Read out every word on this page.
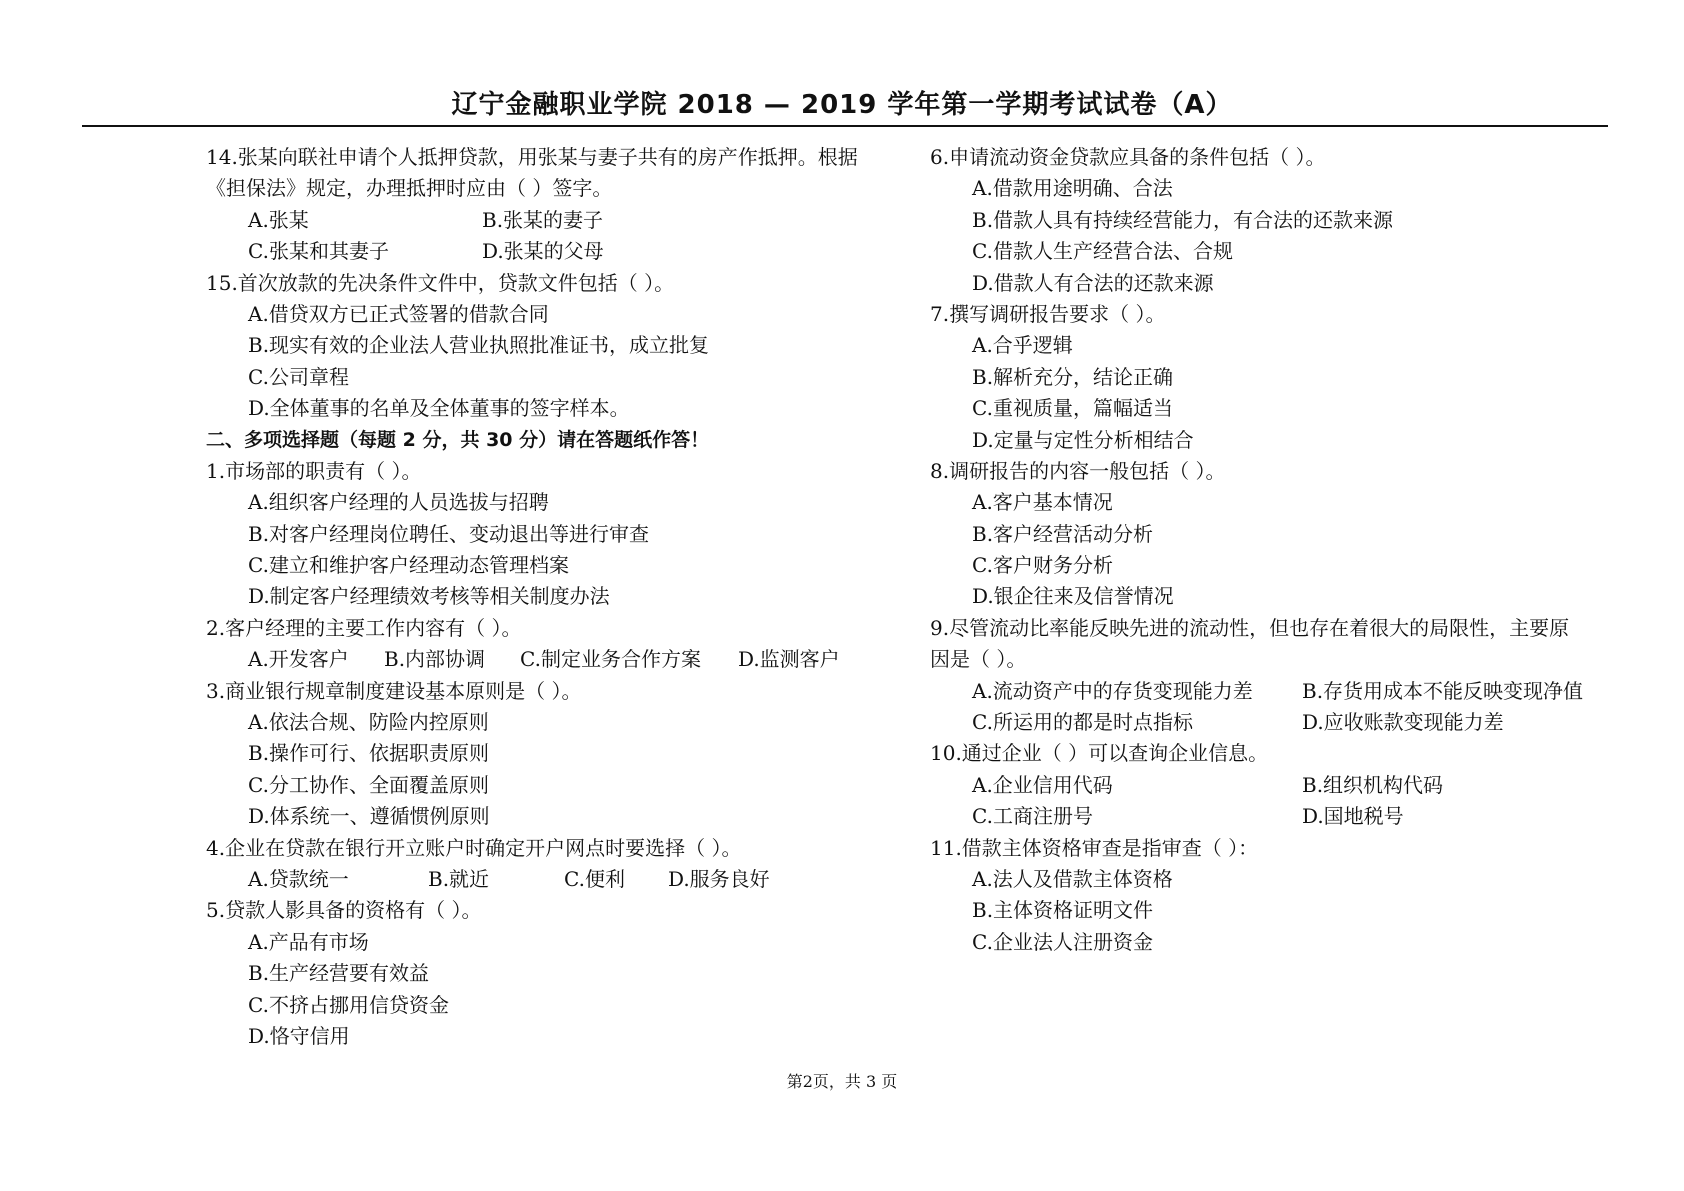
辽宁金融职业学院 2018 — 2019 学年第一学期考试试卷（A）
14.张某向联社申请个人抵押贷款，用张某与妻子共有的房产作抵押。根据
《担保法》规定，办理抵押时应由（ ）签字。
A.张某	B.张某的妻子
C.张某和其妻子	D.张某的父母
15.首次放款的先决条件文件中，贷款文件包括（ ）。
A.借贷双方已正式签署的借款合同
B.现实有效的企业法人营业执照批准证书，成立批复
C.公司章程
D.全体董事的名单及全体董事的签字样本。
二、多项选择题（每题 2 分，共 30 分）请在答题纸作答！
1.市场部的职责有（ ）。
A.组织客户经理的人员选拔与招聘
B.对客户经理岗位聘任、变动退出等进行审查
C.建立和维护客户经理动态管理档案
D.制定客户经理绩效考核等相关制度办法
2.客户经理的主要工作内容有（ ）。
A.开发客户 B.内部协调 C.制定业务合作方案 D.监测客户
3.商业银行规章制度建设基本原则是（ ）。
A.依法合规、防险内控原则
B.操作可行、依据职责原则
C.分工协作、全面覆盖原则
D.体系统一、遵循惯例原则
4.企业在贷款在银行开立账户时确定开户网点时要选择（ ）。
A.贷款统一	B.就近	C.便利 D.服务良好
5.贷款人影具备的资格有（ ）。
A.产品有市场
B.生产经营要有效益
C.不挤占挪用信贷资金
D.恪守信用
6.申请流动资金贷款应具备的条件包括（ ）。
A.借款用途明确、合法
B.借款人具有持续经营能力，有合法的还款来源
C.借款人生产经营合法、合规
D.借款人有合法的还款来源
7.撰写调研报告要求（ ）。
A.合乎逻辑
B.解析充分，结论正确
C.重视质量，篇幅适当
D.定量与定性分析相结合
8.调研报告的内容一般包括（ ）。
A.客户基本情况
B.客户经营活动分析
C.客户财务分析
D.银企往来及信誉情况
9.尽管流动比率能反映先进的流动性，但也存在着很大的局限性，主要原
因是（ ）。
A.流动资产中的存货变现能力差 B.存货用成本不能反映变现净值
C.所运用的都是时点指标	D.应收账款变现能力差
10.通过企业（ ）可以查询企业信息。
A.企业信用代码	B.组织机构代码
C.工商注册号	D.国地税号
11.借款主体资格审查是指审查（ ）：
A.法人及借款主体资格
B.主体资格证明文件
C.企业法人注册资金
第2页，共 3 页
